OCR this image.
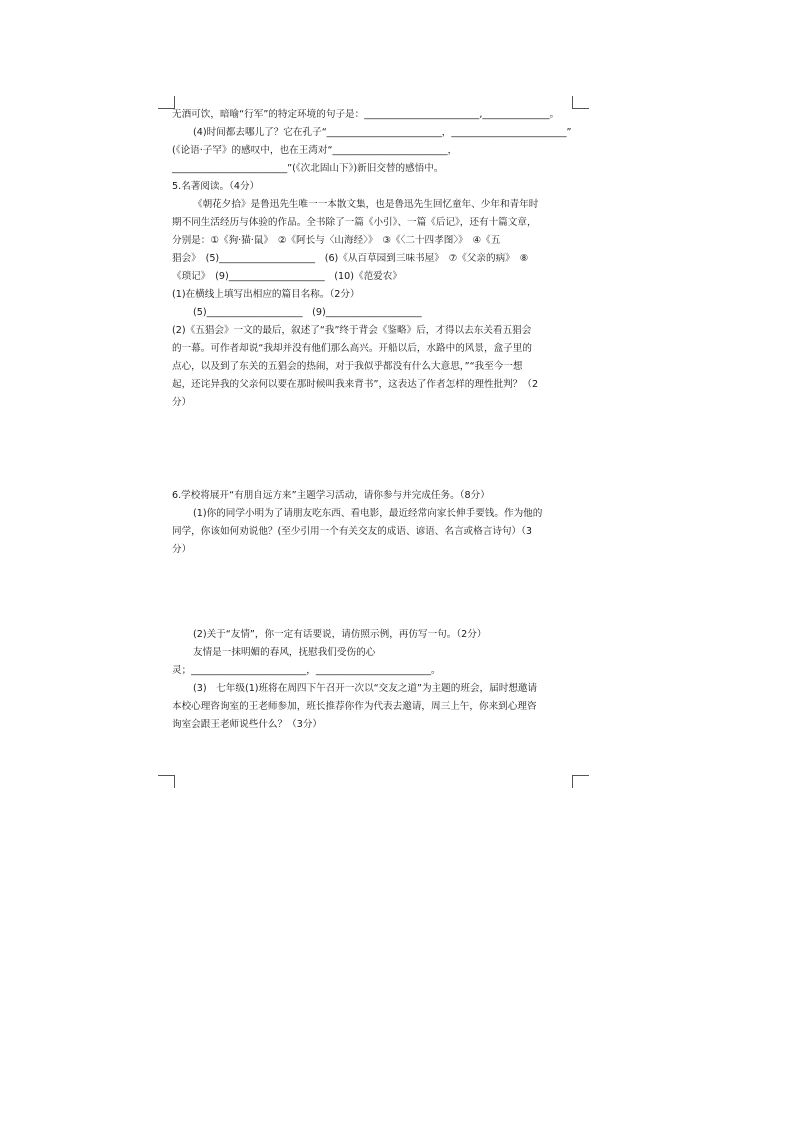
无酒可饮，暗喻“行军”的特定环境的句子是：________________________,______________。
(4)时间都去哪儿了？它在孔子“________________________，________________________”
(《论语·子罕》的感叹中，也在王湾对“________________________，
________________________”(《次北固山下》)新旧交替的感悟中。
5.名著阅读。（4分）
《朝花夕拾》是鲁迅先生唯一一本散文集，也是鲁迅先生回忆童年、少年和青年时
期不同生活经历与体验的作品。全书除了一篇《小引》、一篇《后记》，还有十篇文章，
分别是：①《狗·猫·鼠》　②《阿长与〈山海经〉》　③《〈二十四孝图〉》　④《五
猖会》　(5)____________________　(6)《从百草园到三味书屋》　⑦《父亲的病》　⑧
《琐记》　(9)____________________　(10)《范爱农》
(1)在横线上填写出相应的篇目名称。（2分）
(5)____________________　(9)____________________
(2)《五猖会》一文的最后，叙述了“我”终于背会《鉴略》后，才得以去东关看五猖会
的一幕。可作者却说“我却并没有他们那么高兴。开船以后，水路中的风景，盒子里的
点心，以及到了东关的五猖会的热闹，对于我似乎都没有什么大意思，”“我至今一想
起，还诧异我的父亲何以要在那时候叫我来背书”，这表达了作者怎样的理性批判？（2
分）
6.学校将展开“有朋自远方来”主题学习活动，请你参与并完成任务。（8分）
(1)你的同学小明为了请朋友吃东西、看电影，最近经常向家长伸手要钱。作为他的
同学，你该如何劝说他？(至少引用一个有关交友的成语、谚语、名言或格言诗句）（3
分）
(2)关于“友情”，你一定有话要说，请仿照示例，再仿写一句。（2分）
友情是一抹明媚的春风，抚慰我们受伤的心
灵；________________________，________________________。
(3)　七年级(1)班将在周四下午召开一次以“交友之道”为主题的班会，届时想邀请
本校心理咨询室的王老师参加，班长推荐你作为代表去邀请，周三上午，你来到心理咨
询室会跟王老师说些什么？（3分）
